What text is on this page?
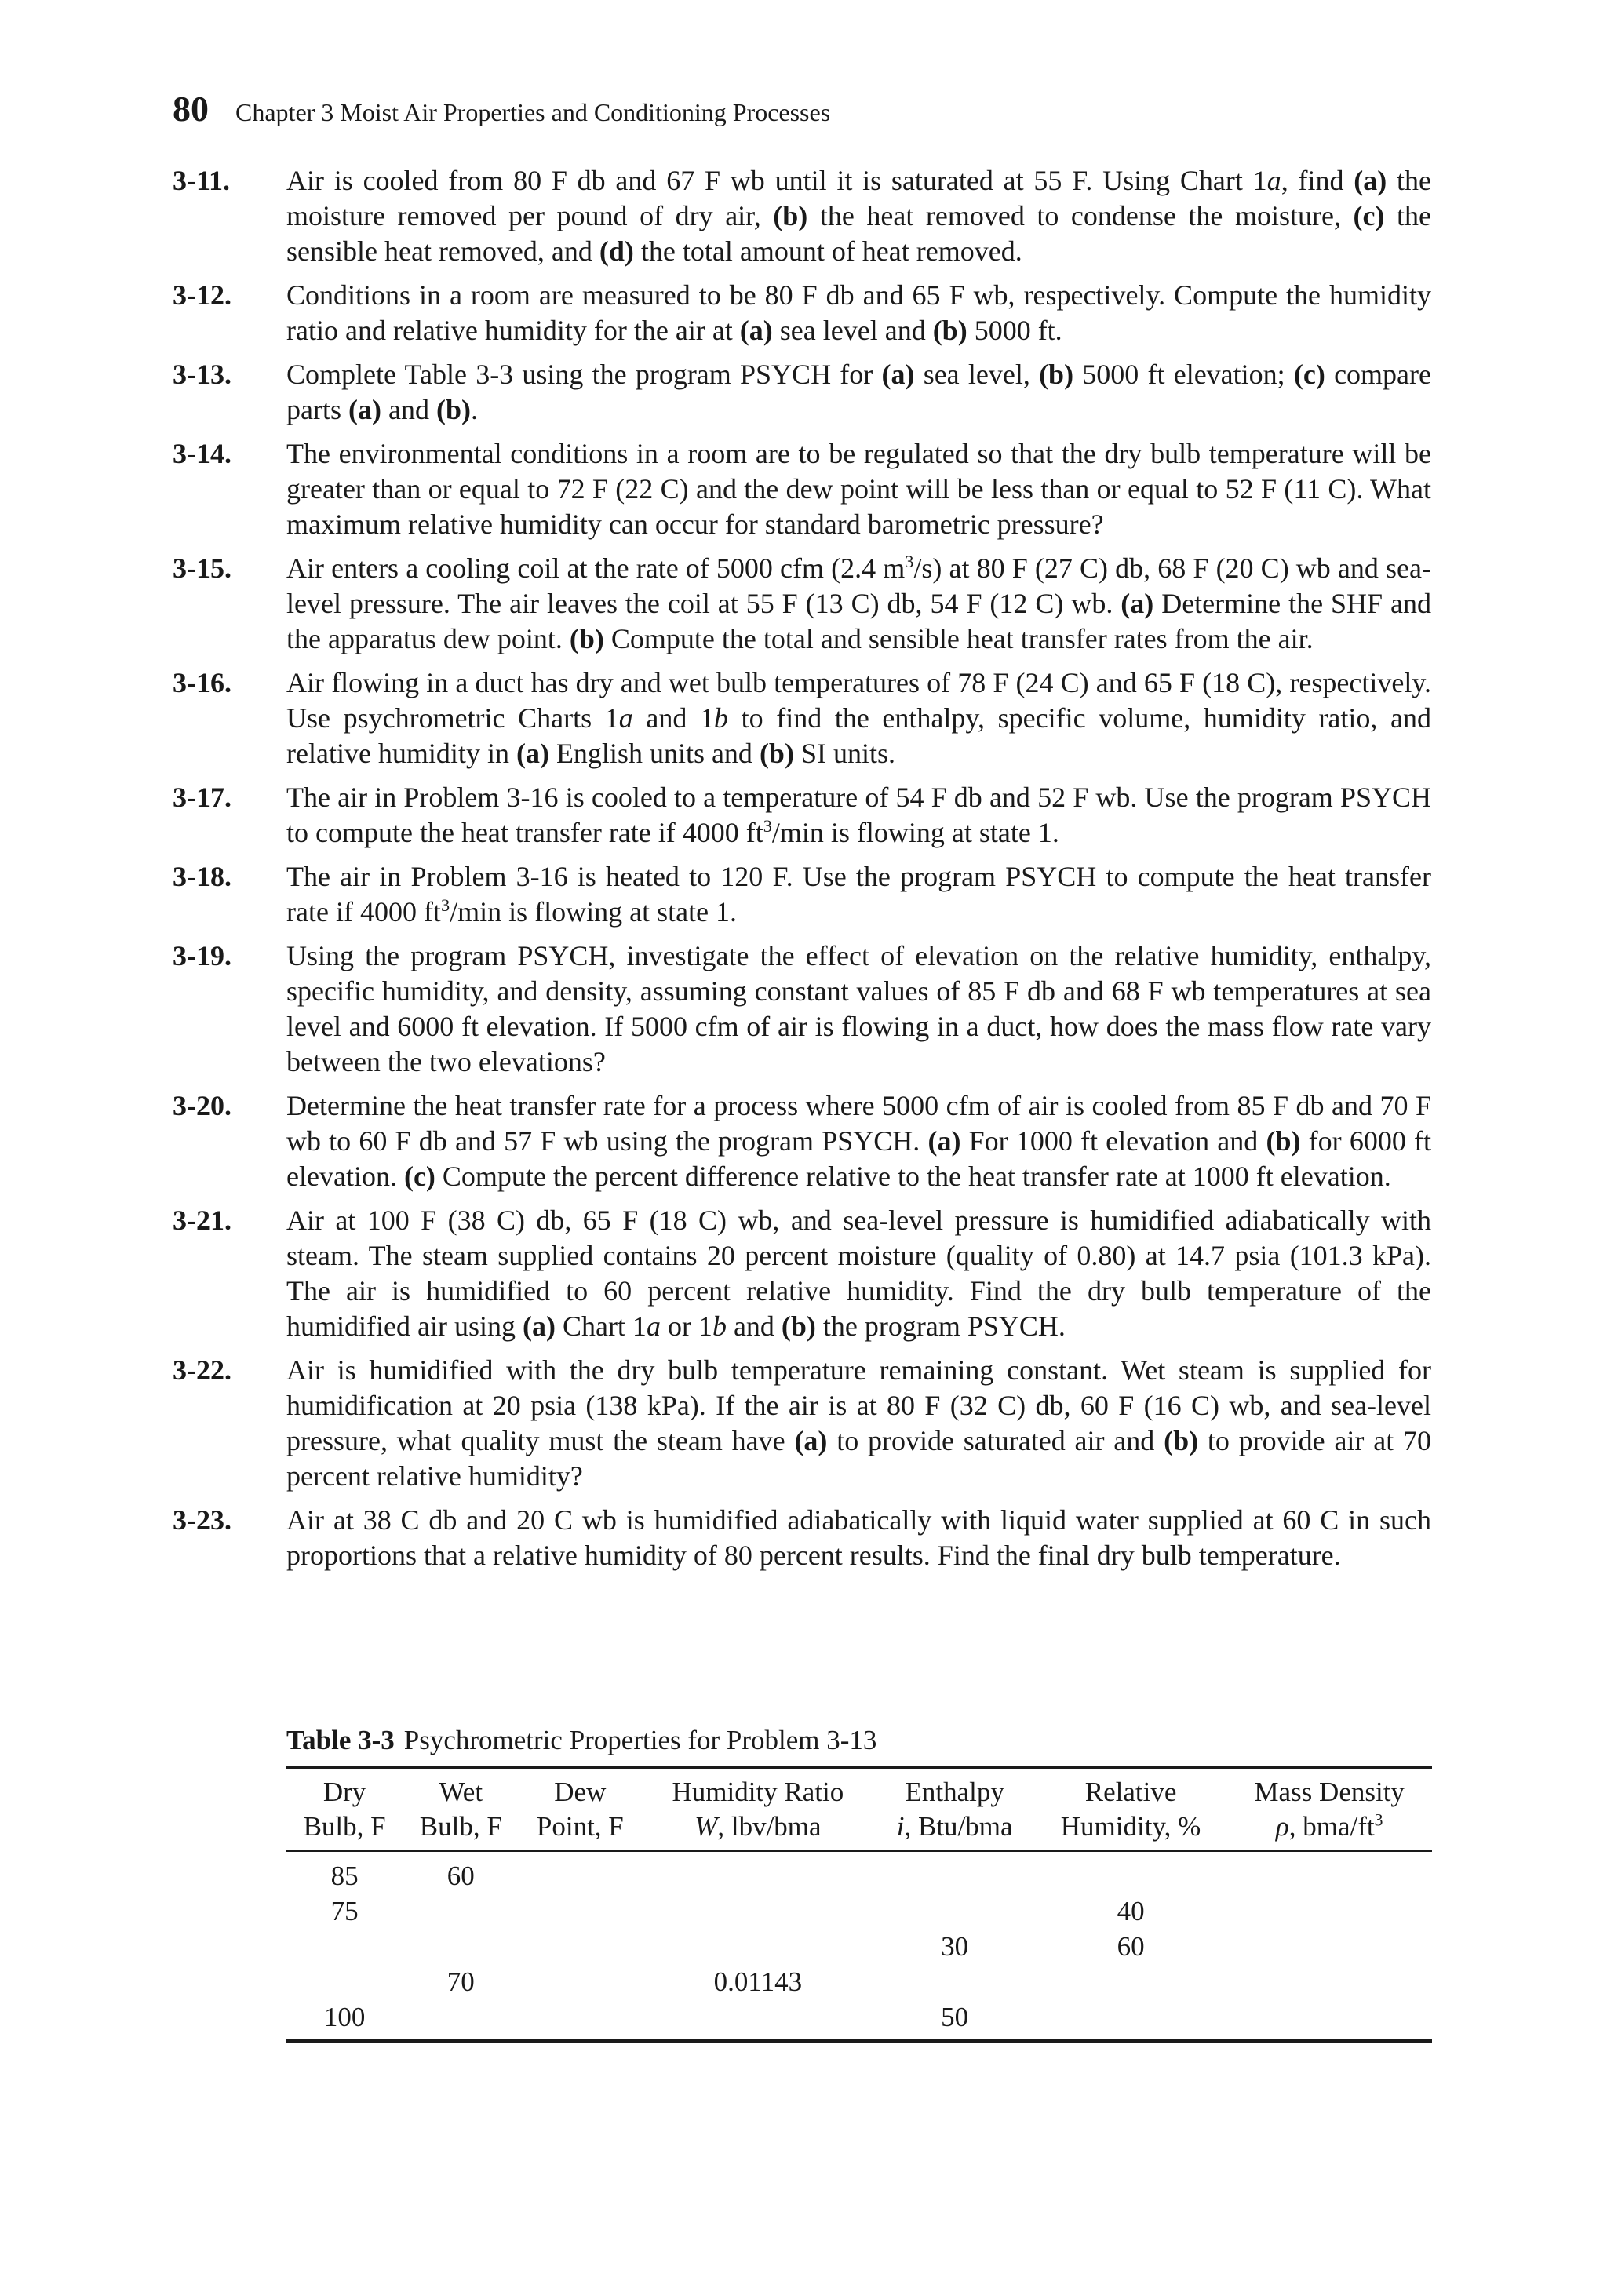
80 Chapter 3 Moist Air Properties and Conditioning Processes
3-11.	Air is cooled from 80 F db and 67 F wb until it is saturated at 55 F. Using Chart 1a, find (a) the moisture removed per pound of dry air, (b) the heat removed to condense the moisture, (c) the sensible heat removed, and (d) the total amount of heat removed.
3-12.	Conditions in a room are measured to be 80 F db and 65 F wb, respectively. Compute the humidity ratio and relative humidity for the air at (a) sea level and (b) 5000 ft.
3-13.	Complete Table 3-3 using the program PSYCH for (a) sea level, (b) 5000 ft elevation; (c) compare parts (a) and (b).
3-14.	The environmental conditions in a room are to be regulated so that the dry bulb temperature will be greater than or equal to 72 F (22 C) and the dew point will be less than or equal to 52 F (11 C). What maximum relative humidity can occur for standard barometric pressure?
3-15.	Air enters a cooling coil at the rate of 5000 cfm (2.4 $m^3/s$) at 80 F (27 C) db, 68 F (20 C) wb and sea-level pressure. The air leaves the coil at 55 F (13 C) db, 54 F (12 C) wb. (a) Determine the SHF and the apparatus dew point. (b) Compute the total and sensible heat transfer rates from the air.
3-16.	Air flowing in a duct has dry and wet bulb temperatures of 78 F (24 C) and 65 F (18 C), respectively. Use psychrometric Charts 1a and 1b to find the enthalpy, specific volume, humidity ratio, and relative humidity in (a) English units and (b) SI units.
3-17.	The air in Problem 3-16 is cooled to a temperature of 54 F db and 52 F wb. Use the program PSYCH to compute the heat transfer rate if 4000 $ft^3/\min$ is flowing at state 1.
3-18.	The air in Problem 3-16 is heated to 120 F. Use the program PSYCH to compute the heat transfer rate if 4000 $ft^3/\min$ is flowing at state 1.
3-19.	Using the program PSYCH, investigate the effect of elevation on the relative humidity, enthalpy, specific humidity, and density, assuming constant values of 85 F db and 68 F wb temperatures at sea level and 6000 ft elevation. If 5000 cfm of air is flowing in a duct, how does the mass flow rate vary between the two elevations?
3-20.	Determine the heat transfer rate for a process where 5000 cfm of air is cooled from 85 F db and 70 F wb to 60 F db and 57 F wb using the program PSYCH. (a) For 1000 ft elevation and (b) for 6000 ft elevation. (c) Compute the percent difference relative to the heat transfer rate at 1000 ft elevation.
3-21.	Air at 100 F (38 C) db, 65 F (18 C) wb, and sea-level pressure is humidified adiabatically with steam. The steam supplied contains 20 percent moisture (quality of 0.80) at 14.7 psia (101.3 kPa). The air is humidified to 60 percent relative humidity. Find the dry bulb temperature of the humidified air using (a) Chart 1a or 1b and (b) the program PSYCH.
3-22.	Air is humidified with the dry bulb temperature remaining constant. Wet steam is supplied for humidification at 20 psia (138 kPa). If the air is at 80 F (32 C) db, 60 F (16 C) wb, and sea-level pressure, what quality must the steam have (a) to provide saturated air and (b) to provide air at 70 percent relative humidity?
3-23.	Air at 38 C db and 20 C wb is humidified adiabatically with liquid water supplied at 60 C in such proportions that a relative humidity of 80 percent results. Find the final dry bulb temperature.
Table 3-3 Psychrometric Properties for Problem 3-13
Dry	Wet	Dew	Humidity Ratio	Enthalpy	Relative	Mass Density
Bulb, F	Bulb, F	Point, F	W, lbv/bma	i, Btu/bma	Humidity, %	ρ, bma/$ft^3$
85	60					
75					40	
				30	60	
	70		0.01143			
100				50		
